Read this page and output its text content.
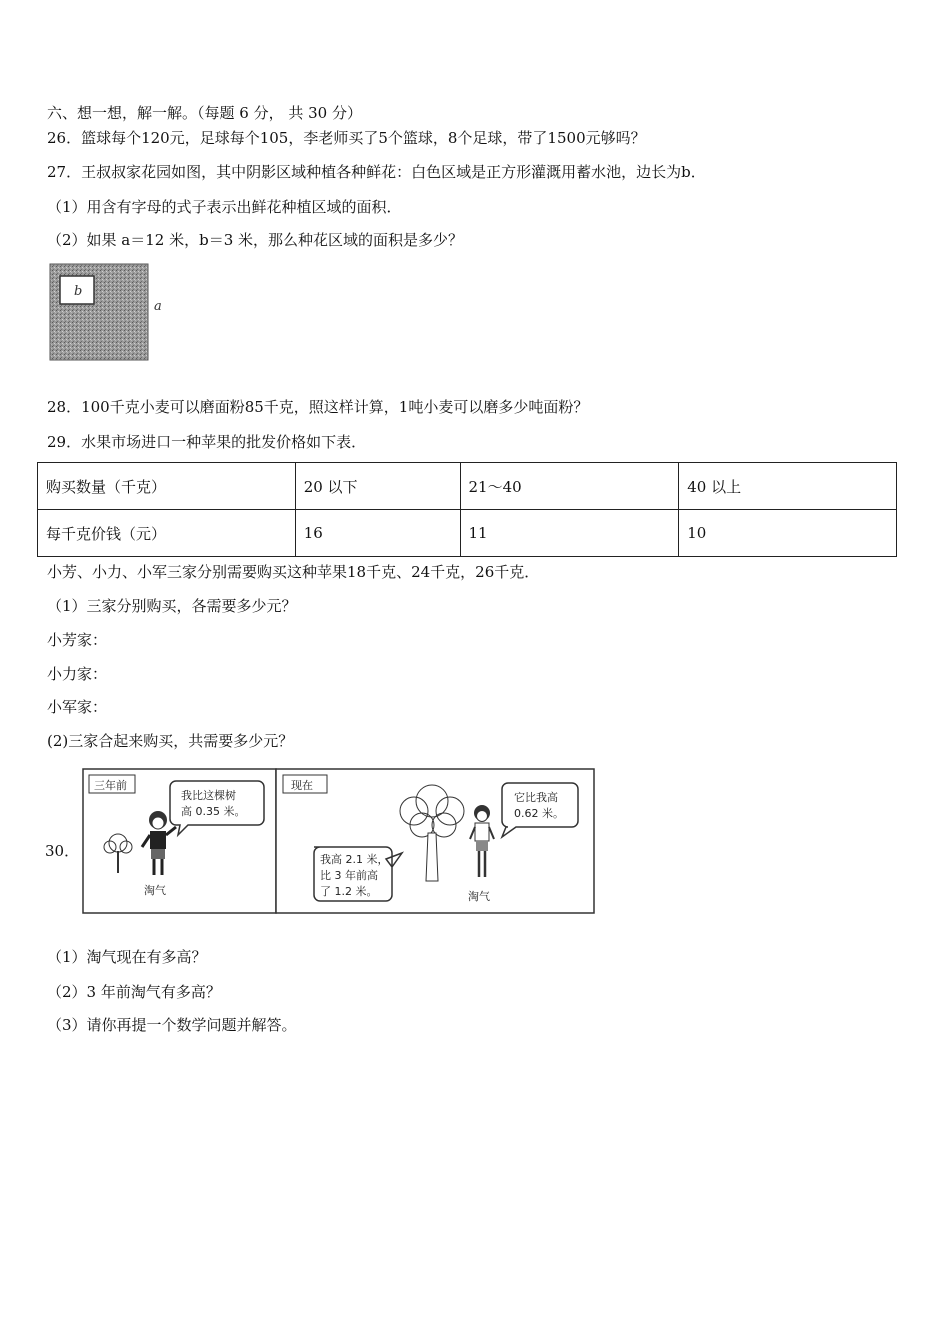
六、想一想，解一解。（每题 6 分， 共 30 分）
26．篮球每个120元，足球每个105，李老师买了5个篮球，8个足球，带了1500元够吗？
27．王叔叔家花园如图，其中阴影区域种植各种鲜花：白色区域是正方形灌溉用蓄水池，边长为b．
（1）用含有字母的式子表示出鲜花种植区域的面积．
（2）如果 a＝12 米，b＝3 米，那么种花区域的面积是多少？
b
a
28．100千克小麦可以磨面粉85千克，照这样计算，1吨小麦可以磨多少吨面粉？
29．水果市场进口一种苹果的批发价格如下表．
购买数量（千克）	20 以下	21～40	40 以上
每千克价钱（元）	16	11	10
小芳、小力、小军三家分别需要购买这种苹果18千克、24千克，26千克．
（1）三家分别购买，各需要多少元？
小芳家：
小力家：
小军家：
(2)三家合起来购买，共需要多少元？
30．
三年前
我比这棵树
高 0.35 米。
淘气
现在
它比我高
0.62 米。
我高 2.1 米，
比 3 年前高
了 1.2 米。	淘气
（1）淘气现在有多高？
（2）3 年前淘气有多高？
（3）请你再提一个数学问题并解答。
